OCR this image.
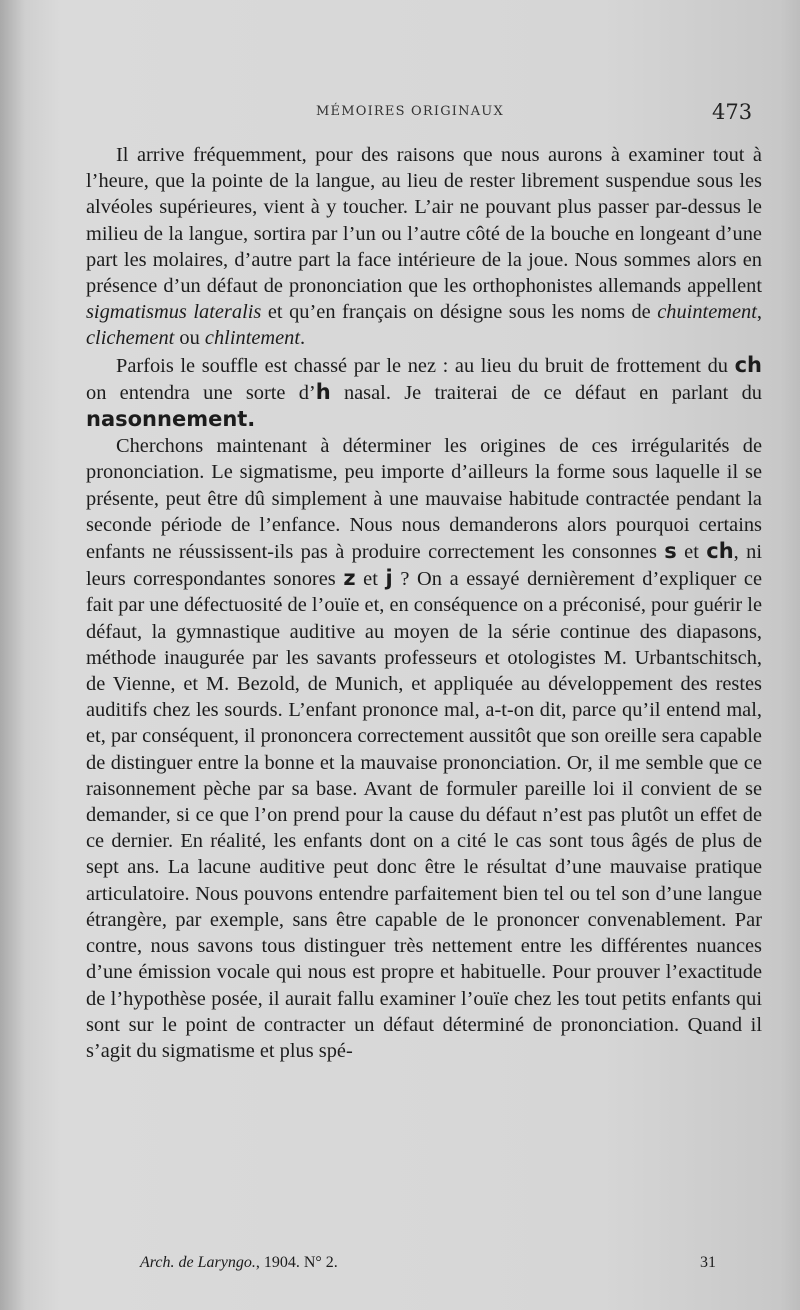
MÉMOIRES ORIGINAUX	473

Il arrive fréquemment, pour des raisons que nous aurons à examiner tout à l’heure, que la pointe de la langue, au lieu de rester librement suspendue sous les alvéoles supérieures, vient à y toucher. L’air ne pouvant plus passer par-dessus le milieu de la langue, sortira par l’un ou l’autre côté de la bouche en longeant d’une part les molaires, d’autre part la face intérieure de la joue. Nous sommes alors en présence d’un défaut de prononciation que les orthophonistes allemands appellent sigmatismus lateralis et qu’en français on désigne sous les noms de chuintement, clichement ou chlintement.

Parfois le souffle est chassé par le nez : au lieu du bruit de frottement du ch on entendra une sorte d’h nasal. Je traiterai de ce défaut en parlant du nasonnement.

Cherchons maintenant à déterminer les origines de ces irrégularités de prononciation. Le sigmatisme, peu importe d’ailleurs la forme sous laquelle il se présente, peut être dû simplement à une mauvaise habitude contractée pendant la seconde période de l’enfance. Nous nous demanderons alors pourquoi certains enfants ne réussissent-ils pas à produire correctement les consonnes s et ch, ni leurs correspondantes sonores z et j ? On a essayé dernièrement d’expliquer ce fait par une défectuosité de l’ouïe et, en conséquence on a préconisé, pour guérir le défaut, la gymnastique auditive au moyen de la série continue des diapasons, méthode inaugurée par les savants professeurs et otologistes M. Urbantschitsch, de Vienne, et M. Bezold, de Munich, et appliquée au développement des restes auditifs chez les sourds. L’enfant prononce mal, a-t-on dit, parce qu’il entend mal, et, par conséquent, il prononcera correctement aussitôt que son oreille sera capable de distinguer entre la bonne et la mauvaise prononciation. Or, il me semble que ce raisonnement pèche par sa base. Avant de formuler pareille loi il convient de se demander, si ce que l’on prend pour la cause du défaut n’est pas plutôt un effet de ce dernier. En réalité, les enfants dont on a cité le cas sont tous âgés de plus de sept ans. La lacune auditive peut donc être le résultat d’une mauvaise pratique articulatoire. Nous pouvons entendre parfaitement bien tel ou tel son d’une langue étrangère, par exemple, sans être capable de le prononcer convenablement. Par contre, nous savons tous distinguer très nettement entre les différentes nuances d’une émission vocale qui nous est propre et habituelle. Pour prouver l’exactitude de l’hypothèse posée, il aurait fallu examiner l’ouïe chez les tout petits enfants qui sont sur le point de contracter un défaut déterminé de prononciation. Quand il s’agit du sigmatisme et plus spé-

Arch. de Laryngo., 1904. N° 2.	31
